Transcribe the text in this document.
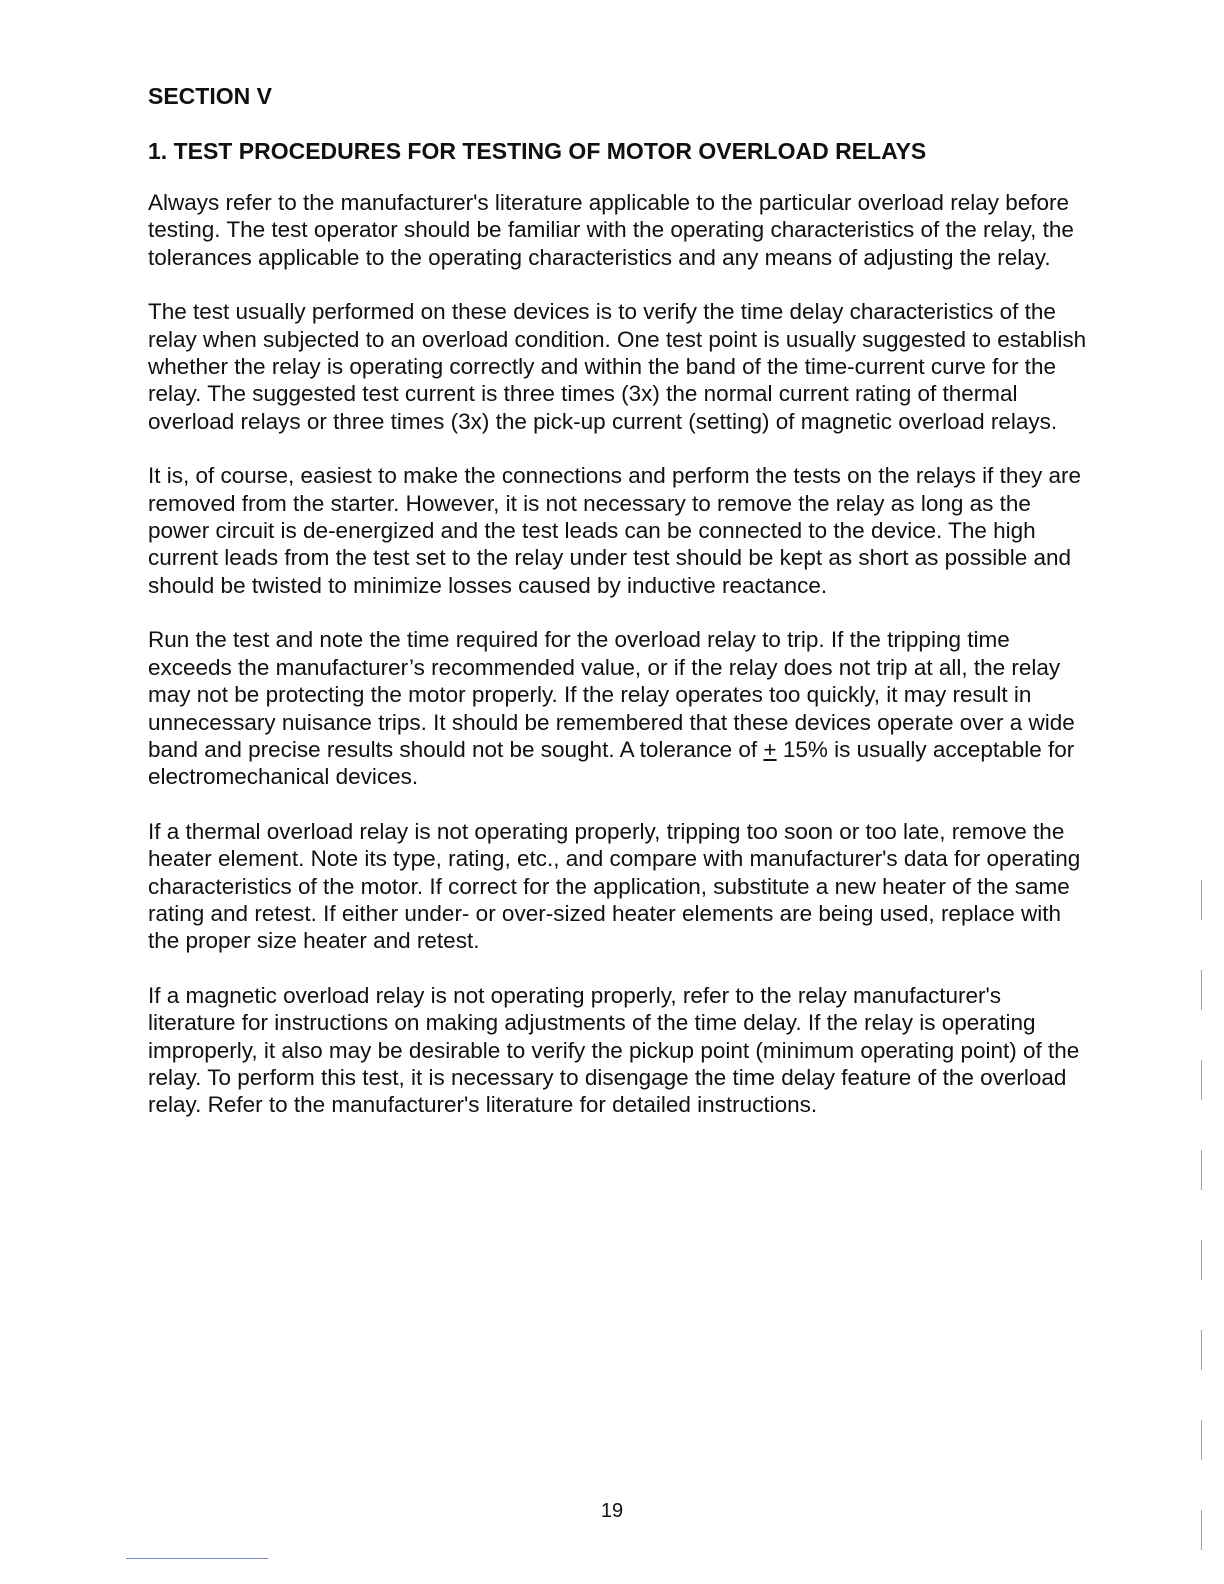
SECTION V

1. TEST PROCEDURES FOR TESTING OF MOTOR OVERLOAD RELAYS

Always refer to the manufacturer's literature applicable to the particular overload relay before testing. The test operator should be familiar with the operating characteristics of the relay, the tolerances applicable to the operating characteristics and any means of adjusting the relay.

The test usually performed on these devices is to verify the time delay characteristics of the relay when subjected to an overload condition. One test point is usually suggested to establish whether the relay is operating correctly and within the band of the time-current curve for the relay. The suggested test current is three times (3x) the normal current rating of thermal overload relays or three times (3x) the pick-up current (setting) of magnetic overload relays.

It is, of course, easiest to make the connections and perform the tests on the relays if they are removed from the starter. However, it is not necessary to remove the relay as long as the power circuit is de-energized and the test leads can be connected to the device. The high current leads from the test set to the relay under test should be kept as short as possible and should be twisted to minimize losses caused by inductive reactance.

Run the test and note the time required for the overload relay to trip. If the tripping time exceeds the manufacturer’s recommended value, or if the relay does not trip at all, the relay may not be protecting the motor properly. If the relay operates too quickly, it may result in unnecessary nuisance trips. It should be remembered that these devices operate over a wide band and precise results should not be sought. A tolerance of + 15% is usually acceptable for electromechanical devices.

If a thermal overload relay is not operating properly, tripping too soon or too late, remove the heater element. Note its type, rating, etc., and compare with manufacturer's data for operating characteristics of the motor. If correct for the application, substitute a new heater of the same rating and retest. If either under- or over-sized heater elements are being used, replace with the proper size heater and retest.

If a magnetic overload relay is not operating properly, refer to the relay manufacturer's literature for instructions on making adjustments of the time delay. If the relay is operating improperly, it also may be desirable to verify the pickup point (minimum operating point) of the relay. To perform this test, it is necessary to disengage the time delay feature of the overload relay. Refer to the manufacturer's literature for detailed instructions.

19
